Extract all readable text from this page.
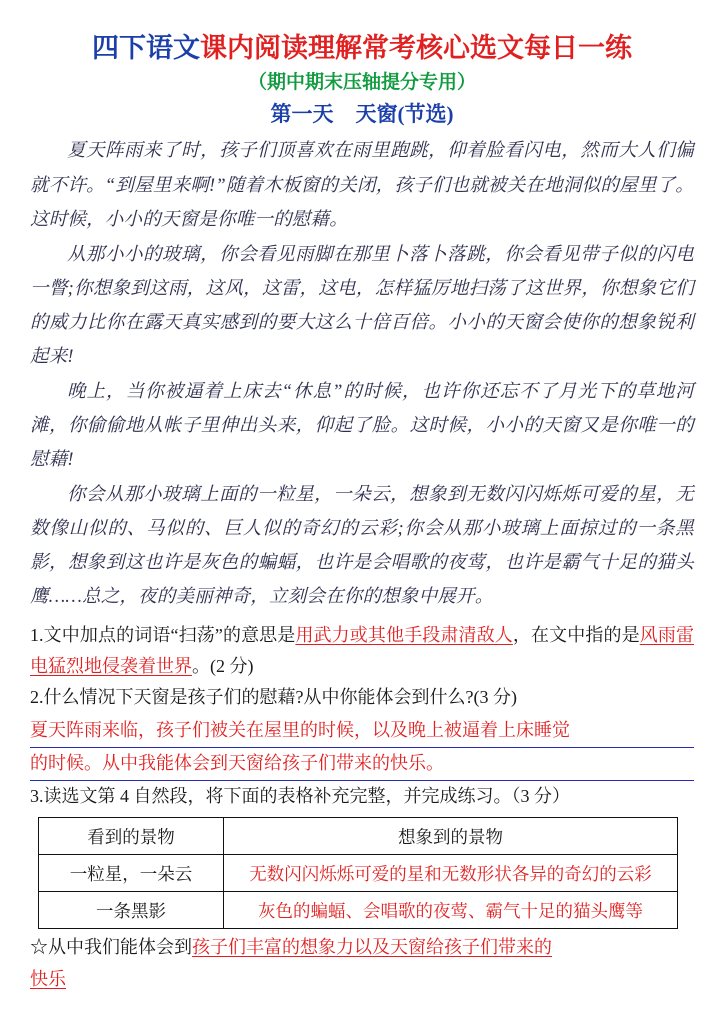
四下语文课内阅读理解常考核心选文每日一练
（期中期末压轴提分专用）
第一天 天窗(节选)

夏天阵雨来了时，孩子们顶喜欢在雨里跑跳，仰着脸看闪电，然而大人们偏就不许。“到屋里来啊!”随着木板窗的关闭，孩子们也就被关在地洞似的屋里了。这时候，小小的天窗是你唯一的慰藉。

从那小小的玻璃，你会看见雨脚在那里卜落卜落跳，你会看见带子似的闪电一瞥;你想象到这雨，这风，这雷，这电，怎样猛厉地扫荡了这世界，你想象它们的威力比你在露天真实感到的要大这么十倍百倍。小小的天窗会使你的想象锐利起来!

晚上，当你被逼着上床去“休息”的时候，也许你还忘不了月光下的草地河滩，你偷偷地从帐子里伸出头来，仰起了脸。这时候，小小的天窗又是你唯一的慰藉!

你会从那小玻璃上面的一粒星，一朵云，想象到无数闪闪烁烁可爱的星，无数像山似的、马似的、巨人似的奇幻的云彩;你会从那小玻璃上面掠过的一条黑影，想象到这也许是灰色的蝙蝠，也许是会唱歌的夜莺，也许是霸气十足的猫头鹰……总之，夜的美丽神奇，立刻会在你的想象中展开。

1.文中加点的词语“扫荡”的意思是用武力或其他手段肃清敌人，在文中指的是风雨雷电猛烈地侵袭着世界。(2 分)

2.什么情况下天窗是孩子们的慰藉?从中你能体会到什么?(3 分)

夏天阵雨来临，孩子们被关在屋里的时候，以及晚上被逼着上床睡觉
的时候。从中我能体会到天窗给孩子们带来的快乐。

3.读选文第 4 自然段，将下面的表格补充完整，并完成练习。（3 分）

看到的景物	想象到的景物
一粒星，一朵云	无数闪闪烁烁可爱的星和无数形状各异的奇幻的云彩
一条黑影	灰色的蝙蝠、会唱歌的夜莺、霸气十足的猫头鹰等
☆从中我们能体会到孩子们丰富的想象力以及天窗给孩子们带来的
快乐
